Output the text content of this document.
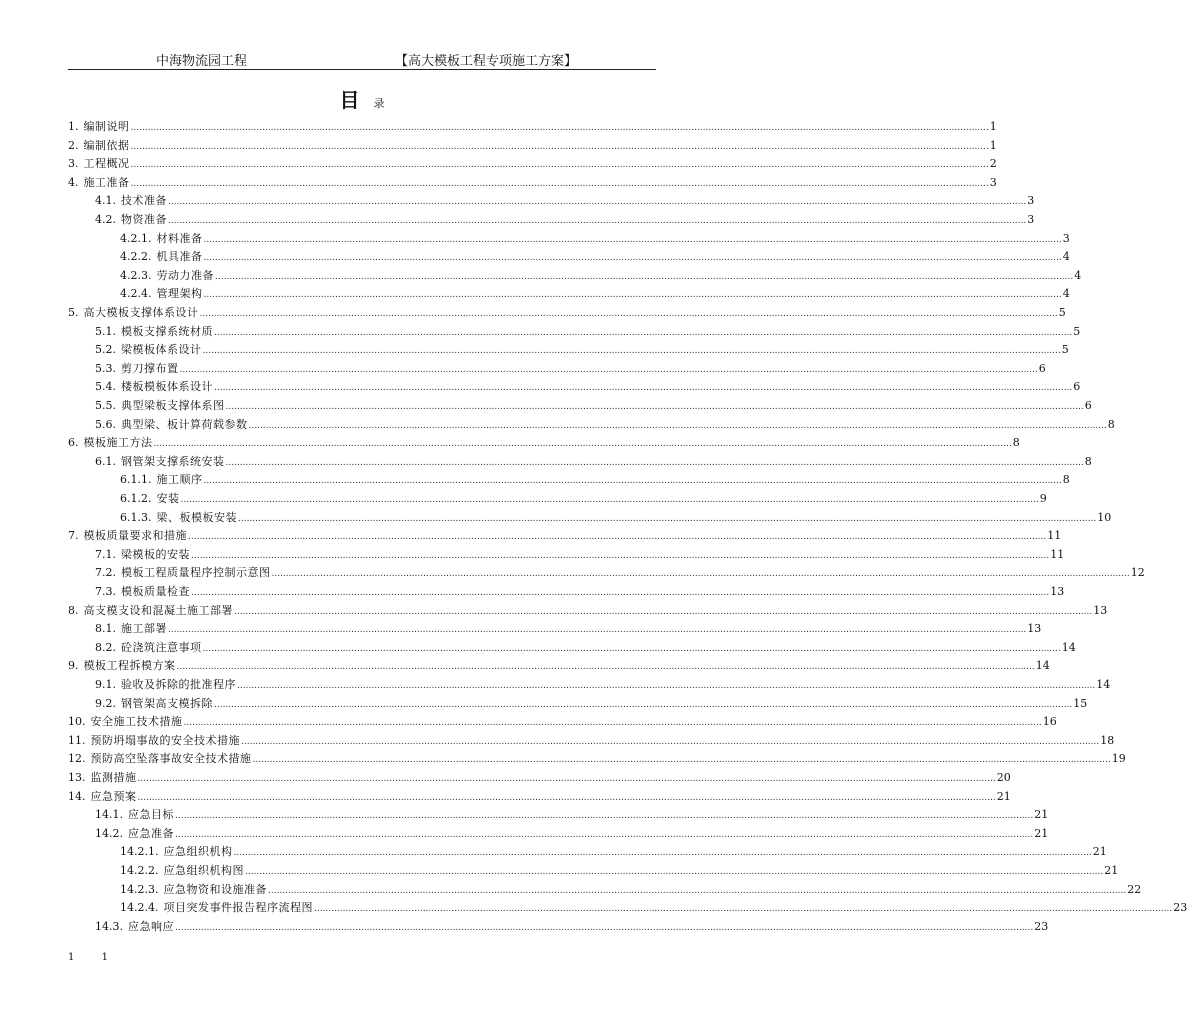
中海物流园工程	【高大模板工程专项施工方案】
目 录
1. 编制说明 ............................................................................................................................................................................................................................................................................................................ 1
2. 编制依据 ............................................................................................................................................................................................................................................................................................................ 1
3. 工程概况 ............................................................................................................................................................................................................................................................................................................ 2
4. 施工准备 ............................................................................................................................................................................................................................................................................................................ 3
4.1. 技术准备 ............................................................................................................................................................................................................................................................................................................ 3
4.2. 物资准备 ............................................................................................................................................................................................................................................................................................................ 3
4.2.1. 材料准备 ............................................................................................................................................................................................................................................................................................................ 3
4.2.2. 机具准备 ............................................................................................................................................................................................................................................................................................................ 4
4.2.3. 劳动力准备 ............................................................................................................................................................................................................................................................................................................ 4
4.2.4. 管理架构 ............................................................................................................................................................................................................................................................................................................ 4
5. 高大模板支撑体系设计 ............................................................................................................................................................................................................................................................................................................ 5
5.1. 模板支撑系统材质 ............................................................................................................................................................................................................................................................................................................ 5
5.2. 梁模板体系设计 ............................................................................................................................................................................................................................................................................................................ 5
5.3. 剪刀撑布置 ............................................................................................................................................................................................................................................................................................................ 6
5.4. 楼板模板体系设计 ............................................................................................................................................................................................................................................................................................................ 6
5.5. 典型梁板支撑体系图 ............................................................................................................................................................................................................................................................................................................ 6
5.6. 典型梁、板计算荷载参数 ............................................................................................................................................................................................................................................................................................................ 8
6. 模板施工方法 ............................................................................................................................................................................................................................................................................................................ 8
6.1. 钢管架支撑系统安装 ............................................................................................................................................................................................................................................................................................................ 8
6.1.1. 施工顺序 ............................................................................................................................................................................................................................................................................................................ 8
6.1.2. 安装 ............................................................................................................................................................................................................................................................................................................ 9
6.1.3. 梁、板模板安装 ............................................................................................................................................................................................................................................................................................................ 10
7. 模板质量要求和措施 ............................................................................................................................................................................................................................................................................................................ 11
7.1. 梁模板的安装 ............................................................................................................................................................................................................................................................................................................ 11
7.2. 模板工程质量程序控制示意图 ............................................................................................................................................................................................................................................................................................................ 12
7.3. 模板质量检查 ............................................................................................................................................................................................................................................................................................................ 13
8. 高支模支设和混凝土施工部署 ............................................................................................................................................................................................................................................................................................................ 13
8.1. 施工部署 ............................................................................................................................................................................................................................................................................................................ 13
8.2. 砼浇筑注意事项 ............................................................................................................................................................................................................................................................................................................ 14
9. 模板工程拆模方案 ............................................................................................................................................................................................................................................................................................................ 14
9.1. 验收及拆除的批准程序 ............................................................................................................................................................................................................................................................................................................ 14
9.2. 钢管架高支模拆除 ............................................................................................................................................................................................................................................................................................................ 15
10. 安全施工技术措施 ............................................................................................................................................................................................................................................................................................................ 16
11. 预防坍塌事故的安全技术措施 ............................................................................................................................................................................................................................................................................................................ 18
12. 预防高空坠落事故安全技术措施 ............................................................................................................................................................................................................................................................................................................ 19
13. 监测措施 ............................................................................................................................................................................................................................................................................................................ 20
14. 应急预案 ............................................................................................................................................................................................................................................................................................................ 21
14.1. 应急目标 ............................................................................................................................................................................................................................................................................................................ 21
14.2. 应急准备 ............................................................................................................................................................................................................................................................................................................ 21
14.2.1. 应急组织机构 ............................................................................................................................................................................................................................................................................................................ 21
14.2.2. 应急组织机构图 ............................................................................................................................................................................................................................................................................................................ 21
14.2.3. 应急物资和设施准备 ............................................................................................................................................................................................................................................................................................................ 22
14.2.4. 项目突发事件报告程序流程图 ............................................................................................................................................................................................................................................................................................................ 23
14.3. 应急响应 ............................................................................................................................................................................................................................................................................................................ 23
1	1
